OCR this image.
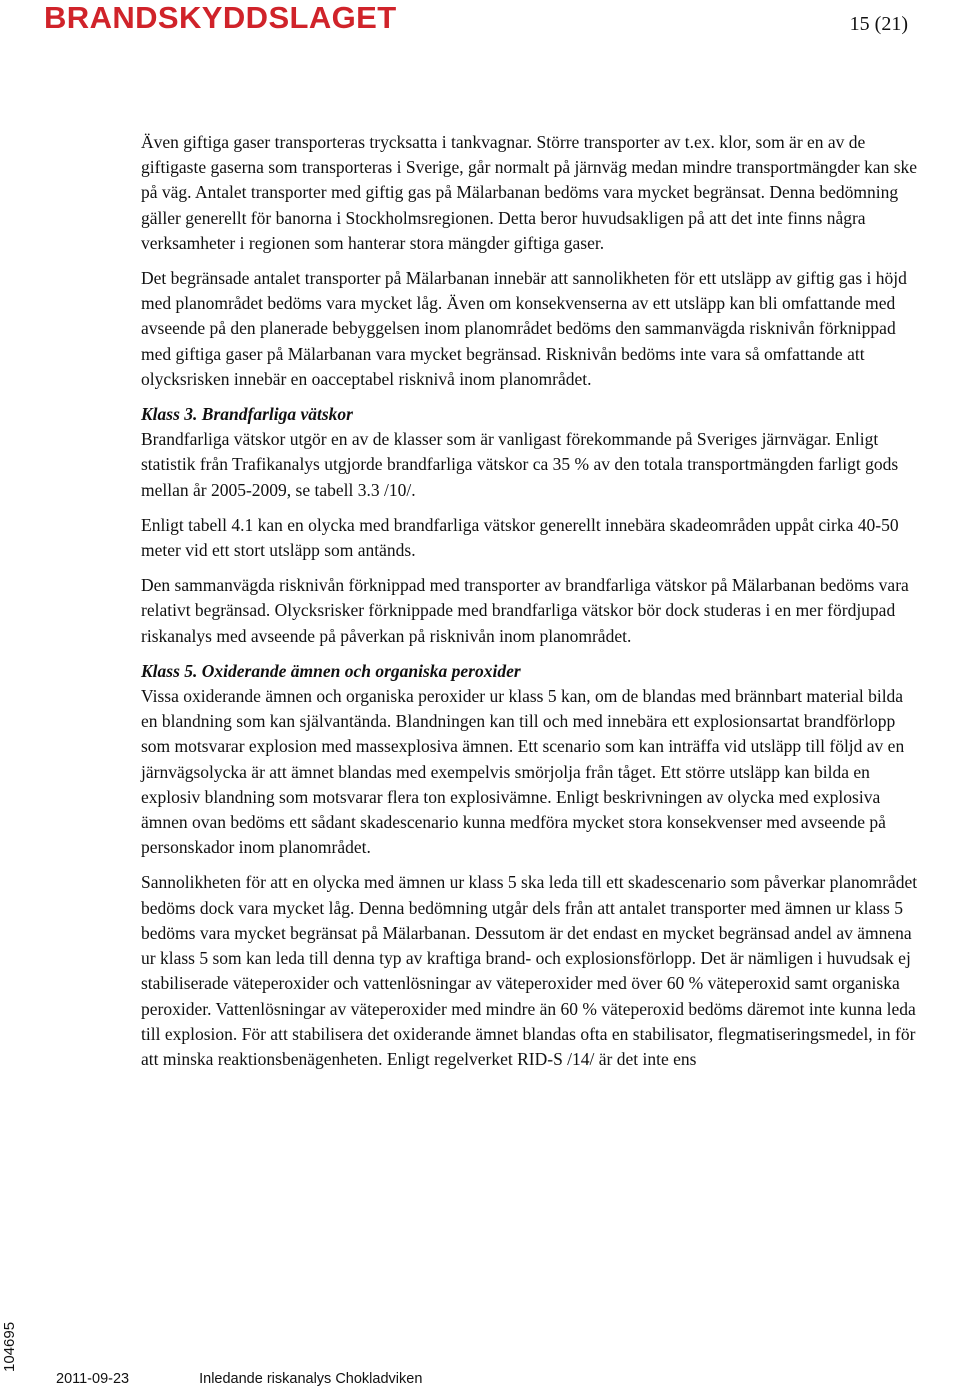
BRANDSKYDDSLAGET	15 (21)

Även giftiga gaser transporteras trycksatta i tankvagnar. Större transporter av t.ex. klor, som är en av de giftigaste gaserna som transporteras i Sverige, går normalt på järnväg medan mindre transportmängder kan ske på väg. Antalet transporter med giftig gas på Mälarbanan bedöms vara mycket begränsat. Denna bedömning gäller generellt för banorna i Stockholmsregionen. Detta beror huvudsakligen på att det inte finns några verksamheter i regionen som hanterar stora mängder giftiga gaser.

Det begränsade antalet transporter på Mälarbanan innebär att sannolikheten för ett utsläpp av giftig gas i höjd med planområdet bedöms vara mycket låg. Även om konsekvenserna av ett utsläpp kan bli omfattande med avseende på den planerade bebyggelsen inom planområdet bedöms den sammanvägda risknivån förknippad med giftiga gaser på Mälarbanan vara mycket begränsad. Risknivån bedöms inte vara så omfattande att olycksrisken innebär en oacceptabel risknivå inom planområdet.

Klass 3. Brandfarliga vätskor

Brandfarliga vätskor utgör en av de klasser som är vanligast förekommande på Sveriges järnvägar. Enligt statistik från Trafikanalys utgjorde brandfarliga vätskor ca 35 % av den totala transportmängden farligt gods mellan år 2005-2009, se tabell 3.3 /10/.

Enligt tabell 4.1 kan en olycka med brandfarliga vätskor generellt innebära skadeområden uppåt cirka 40-50 meter vid ett stort utsläpp som antänds.

Den sammanvägda risknivån förknippad med transporter av brandfarliga vätskor på Mälarbanan bedöms vara relativt begränsad. Olycksrisker förknippade med brandfarliga vätskor bör dock studeras i en mer fördjupad riskanalys med avseende på påverkan på risknivån inom planområdet.

Klass 5. Oxiderande ämnen och organiska peroxider

Vissa oxiderande ämnen och organiska peroxider ur klass 5 kan, om de blandas med brännbart material bilda en blandning som kan självantända. Blandningen kan till och med innebära ett explosionsartat brandförlopp som motsvarar explosion med massexplosiva ämnen. Ett scenario som kan inträffa vid utsläpp till följd av en järnvägsolycka är att ämnet blandas med exempelvis smörjolja från tåget. Ett större utsläpp kan bilda en explosiv blandning som motsvarar flera ton explosivämne. Enligt beskrivningen av olycka med explosiva ämnen ovan bedöms ett sådant skadescenario kunna medföra mycket stora konsekvenser med avseende på personskador inom planområdet.

Sannolikheten för att en olycka med ämnen ur klass 5 ska leda till ett skadescenario som påverkar planområdet bedöms dock vara mycket låg. Denna bedömning utgår dels från att antalet transporter med ämnen ur klass 5 bedöms vara mycket begränsat på Mälarbanan. Dessutom är det endast en mycket begränsad andel av ämnena ur klass 5 som kan leda till denna typ av kraftiga brand- och explosionsförlopp. Det är nämligen i huvudsak ej stabiliserade väteperoxider och vattenlösningar av väteperoxider med över 60 % väteperoxid samt organiska peroxider. Vattenlösningar av väteperoxider med mindre än 60 % väteperoxid bedöms däremot inte kunna leda till explosion. För att stabilisera det oxiderande ämnet blandas ofta en stabilisator, flegmatiseringsmedel, in för att minska reaktionsbenägenheten. Enligt regelverket RID-S /14/ är det inte ens

104695
2011-09-23	Inledande riskanalys Chokladviken
